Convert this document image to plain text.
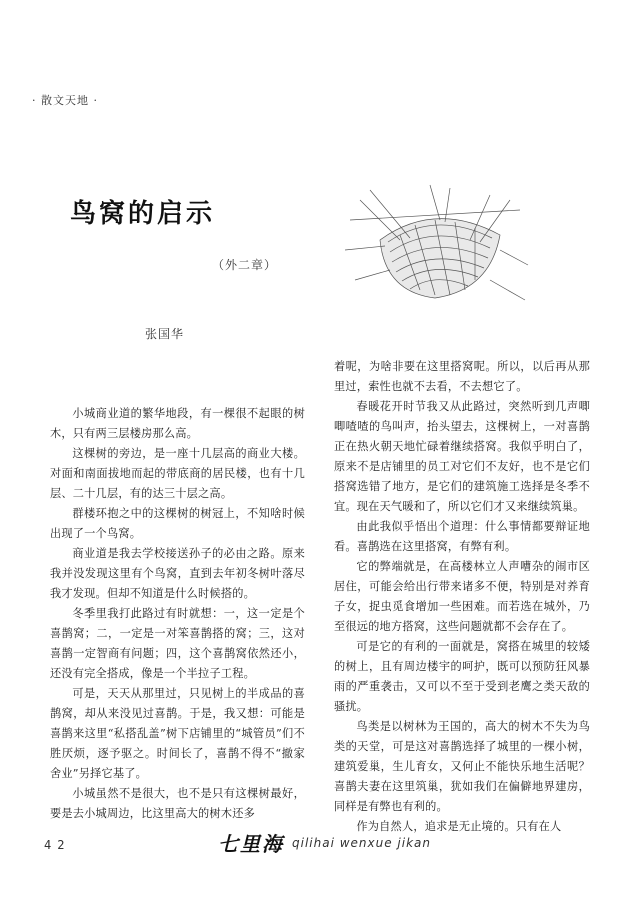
· 散文天地 ·
鸟窝的启示
（外二章）
张国华

小城商业道的繁华地段，有一棵很不起眼的树木，只有两三层楼房那么高。

这棵树的旁边，是一座十几层高的商业大楼。对面和南面拔地而起的带底商的居民楼，也有十几层、二十几层，有的达三十层之高。

群楼环抱之中的这棵树的树冠上，不知啥时候出现了一个鸟窝。

商业道是我去学校接送孙子的必由之路。原来我并没发现这里有个鸟窝，直到去年初冬树叶落尽我才发现。但却不知道是什么时候搭的。

冬季里我打此路过有时就想：一，这一定是个喜鹊窝；二，一定是一对笨喜鹊搭的窝；三，这对喜鹊一定智商有问题；四，这个喜鹊窝依然还小，还没有完全搭成，像是一个半拉子工程。

可是，天天从那里过，只见树上的半成品的喜鹊窝，却从来没见过喜鹊。于是，我又想：可能是喜鹊来这里“私搭乱盖”树下店铺里的“城管员”们不胜厌烦，逐予驱之。时间长了，喜鹊不得不“撤家舍业”另择它基了。

小城虽然不是很大，也不是只有这棵树最好，要是去小城周边，比这里高大的树木还多

着呢，为啥非要在这里搭窝呢。所以，以后再从那里过，索性也就不去看，不去想它了。

春暖花开时节我又从此路过，突然听到几声唧唧喳喳的鸟叫声，抬头望去，这棵树上，一对喜鹊正在热火朝天地忙碌着继续搭窝。我似乎明白了，原来不是店铺里的员工对它们不友好，也不是它们搭窝选错了地方，是它们的建筑施工选择是冬季不宜。现在天气暖和了，所以它们才又来继续筑巢。

由此我似乎悟出个道理：什么事情都要辩证地看。喜鹊选在这里搭窝，有弊有利。

它的弊端就是，在高楼林立人声嘈杂的闹市区居住，可能会给出行带来诸多不便，特别是对养育子女，捉虫觅食增加一些困难。而若选在城外，乃至很远的地方搭窝，这些问题就都不会存在了。

可是它的有利的一面就是，窝搭在城里的较矮的树上，且有周边楼宇的呵护，既可以预防狂风暴雨的严重袭击，又可以不至于受到老鹰之类天敌的骚扰。

鸟类是以树林为王国的，高大的树木不失为鸟类的天堂，可是这对喜鹊选择了城里的一棵小树，建筑爱巢，生儿育女，又何止不能快乐地生活呢？喜鹊夫妻在这里筑巢，犹如我们在偏僻地界建房，同样是有弊也有利的。

作为自然人，追求是无止境的。只有在人

42	七里海 qilihai wenxue jikan
